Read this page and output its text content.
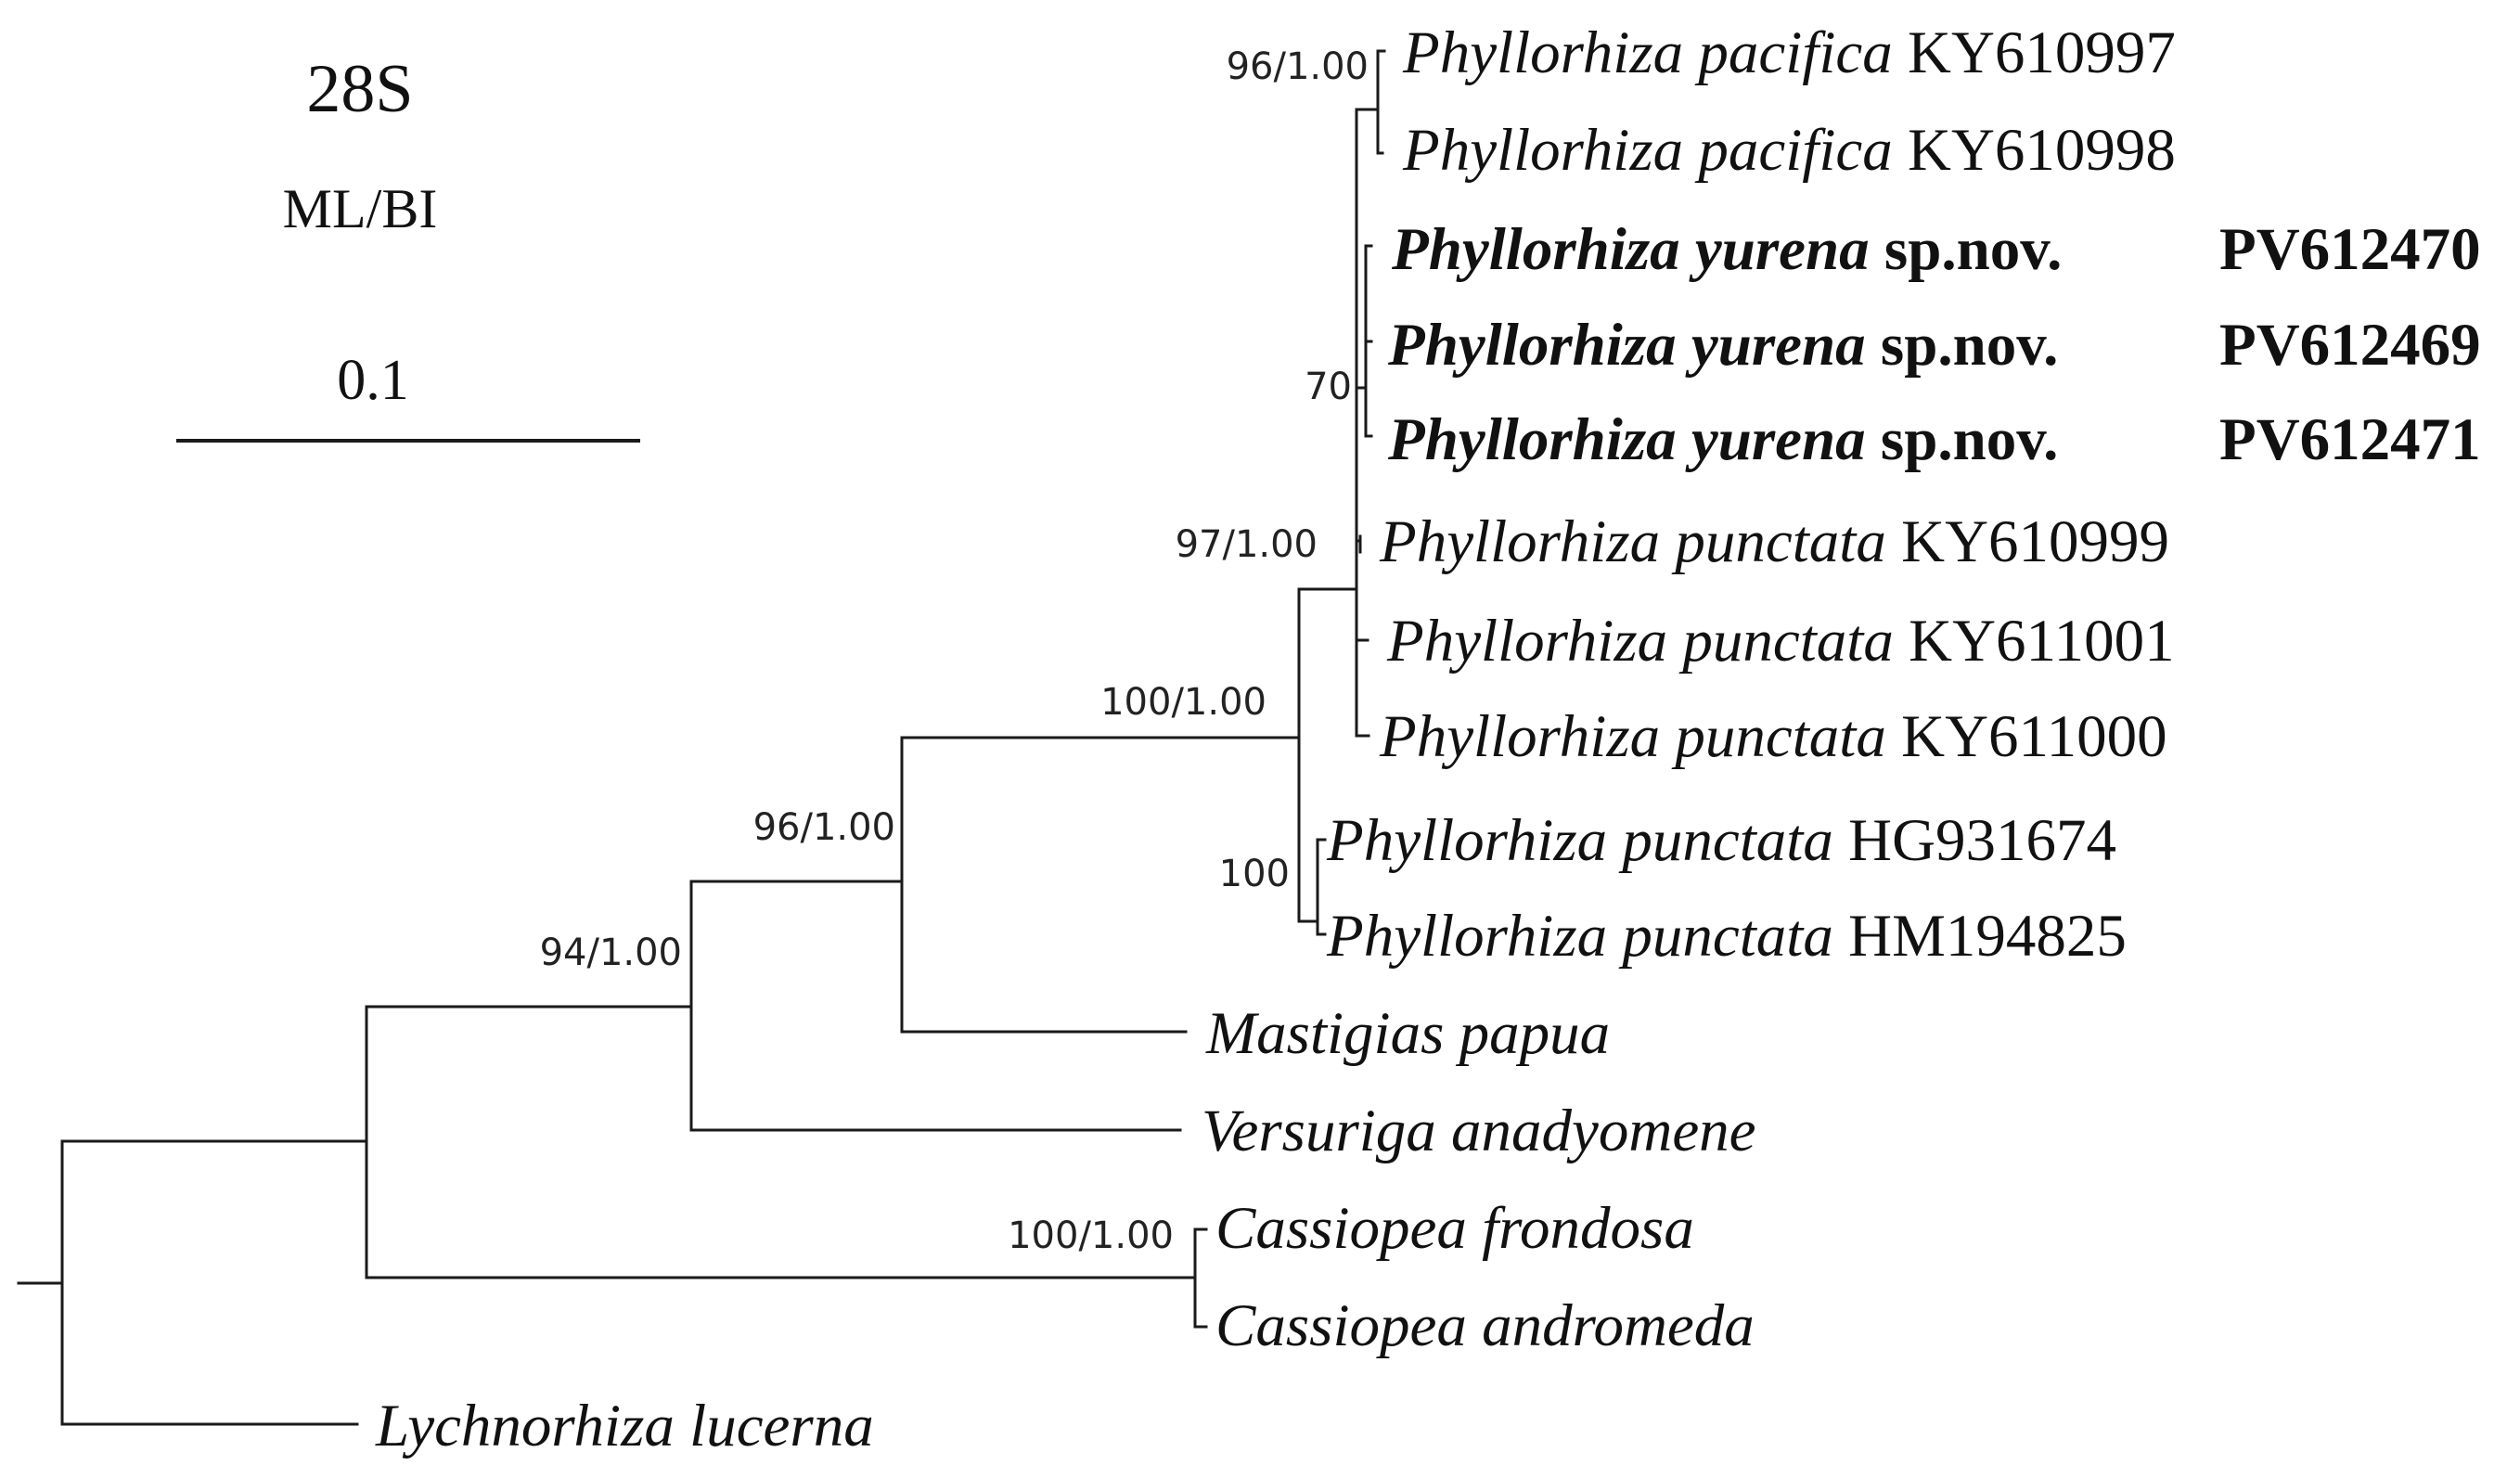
28S
ML/BI
0.1
Phyllorhiza pacifica KY610997
Phyllorhiza pacifica KY610998
Phyllorhiza yurena sp.nov.	PV612470
Phyllorhiza yurena sp.nov.	PV612469
Phyllorhiza yurena sp.nov.	PV612471
Phyllorhiza punctata KY610999
Phyllorhiza punctata KY611001
Phyllorhiza punctata KY611000
Phyllorhiza punctata HG931674
Phyllorhiza punctata HM194825
Mastigias papua
Versuriga anadyomene
Cassiopea frondosa
Cassiopea andromeda
Lychnorhiza lucerna
96/1.00
70
97/1.00
100/1.00
100
96/1.00
94/1.00
100/1.00
